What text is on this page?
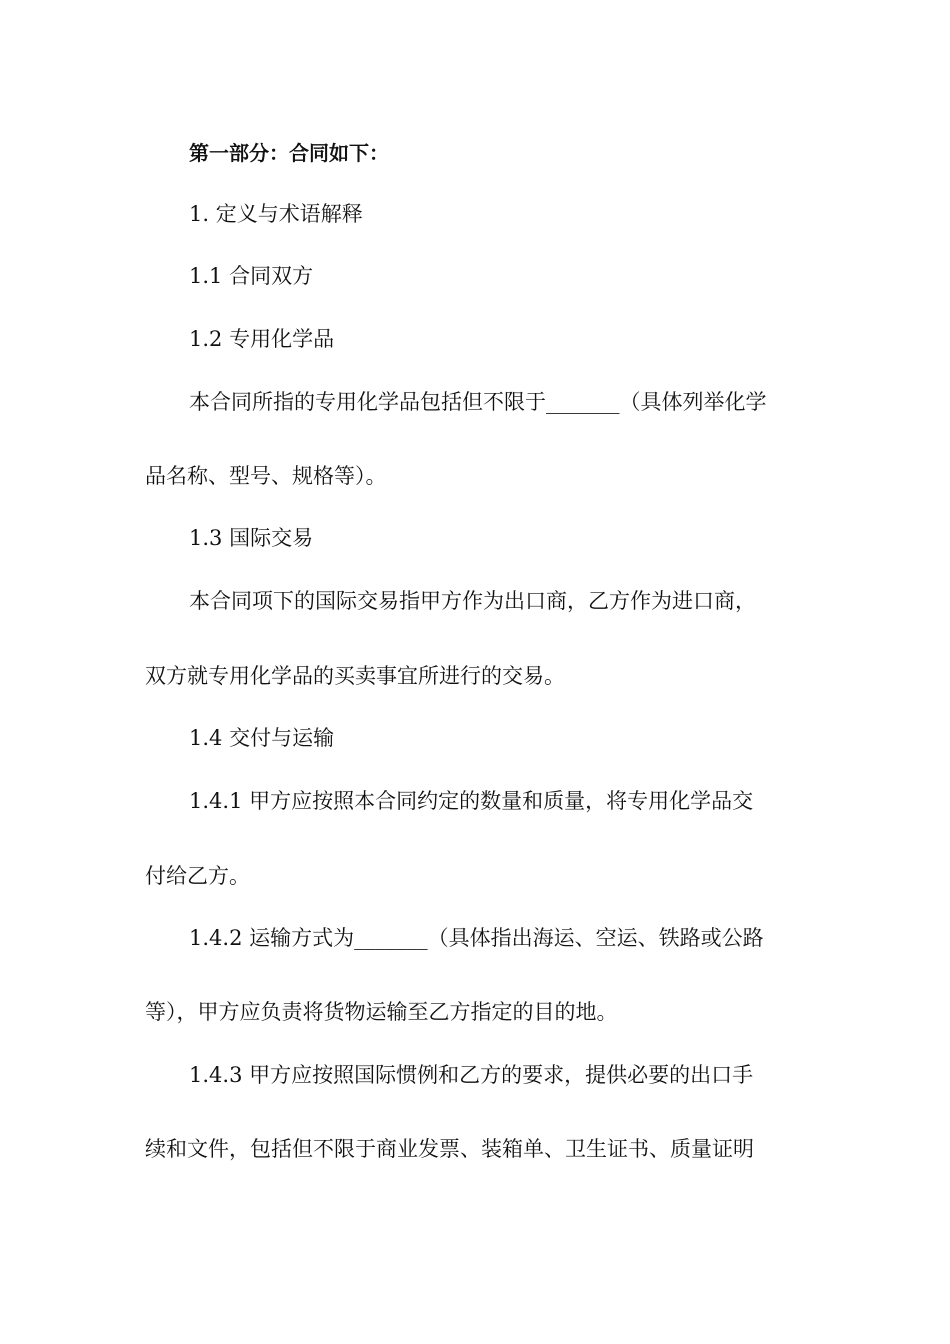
第一部分：合同如下：

1. 定义与术语解释

1.1 合同双方

1.2 专用化学品

本合同所指的专用化学品包括但不限于_______（具体列举化学

品名称、型号、规格等）。

1.3 国际交易

本合同项下的国际交易指甲方作为出口商，乙方作为进口商，

双方就专用化学品的买卖事宜所进行的交易。

1.4 交付与运输

1.4.1 甲方应按照本合同约定的数量和质量，将专用化学品交

付给乙方。

1.4.2 运输方式为_______（具体指出海运、空运、铁路或公路

等），甲方应负责将货物运输至乙方指定的目的地。

1.4.3 甲方应按照国际惯例和乙方的要求，提供必要的出口手

续和文件，包括但不限于商业发票、装箱单、卫生证书、质量证明
